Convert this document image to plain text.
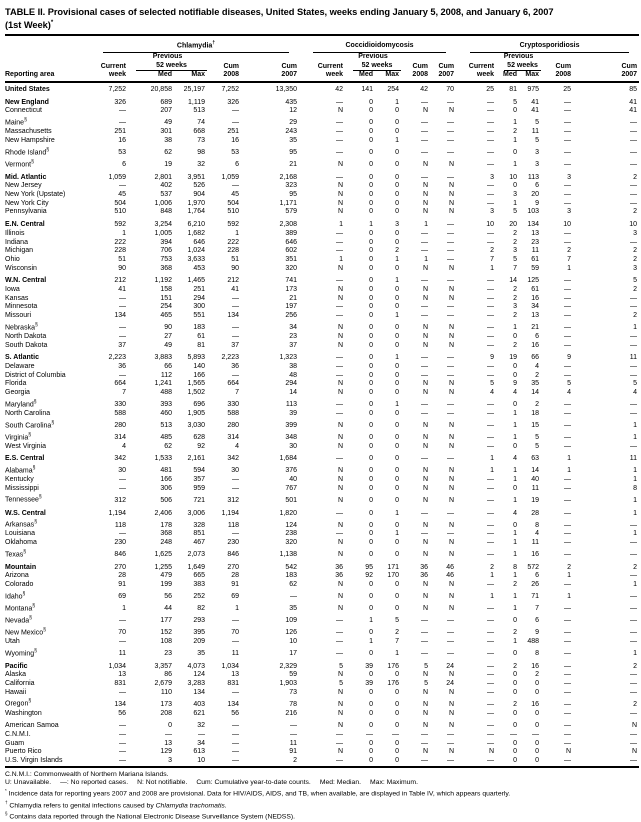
TABLE II. Provisional cases of selected notifiable diseases, United States, weeks ending January 5, 2008, and January 6, 2007
(1st Week)*

	Chlamydia†					Coccidioidomycosis					Cryptosporidiosis				

		Previous					Previous					Previous			
	Current	52 weeks		Cum	Cum	Current	52 weeks		Cum	Cum	Current	52 weeks		Cum	Cum
Reporting area	week	Med	Max	2008	2007	week	Med	Max	2008	2007	week	Med	Max	2008	2007
United States	7,252	20,858	25,197	7,252	13,350	42	141	254	42	70	25	81	975	25	85
New England	326	689	1,119	326	435	—	0	1	—	—	—	5	41	—	41
Connecticut	—	207	513	—	12	N	0	0	N	N	—	0	41	—	41
Maine§	—	49	74	—	29	—	0	0	—	—	—	1	5	—	—
Massachusetts	251	301	668	251	243	—	0	0	—	—	—	2	11	—	—
New Hampshire	16	38	73	16	35	—	0	1	—	—	—	1	5	—	—
Rhode Island§	53	62	98	53	95	—	0	0	—	—	—	0	3	—	—
Vermont§	6	19	32	6	21	N	0	0	N	N	—	1	3	—	—
Mid. Atlantic	1,059	2,801	3,951	1,059	2,168	—	0	0	—	—	3	10	113	3	2
New Jersey	—	402	526	—	323	N	0	0	N	N	—	0	6	—	—
New York (Upstate)	45	537	904	45	95	N	0	0	N	N	—	3	20	—	—
New York City	504	1,006	1,970	504	1,171	N	0	0	N	N	—	1	9	—	—
Pennsylvania	510	848	1,764	510	579	N	0	0	N	N	3	5	103	3	2
E.N. Central	592	3,254	6,210	592	2,308	1	1	3	1	—	10	20	134	10	10
Illinois	1	1,005	1,682	1	389	—	0	0	—	—	—	2	13	—	3
Indiana	222	394	646	222	646	—	0	0	—	—	—	2	23	—	—
Michigan	228	706	1,024	228	602	—	0	2	—	—	2	3	11	2	2
Ohio	51	753	3,633	51	351	1	0	1	1	—	7	5	61	7	2
Wisconsin	90	368	453	90	320	N	0	0	N	N	1	7	59	1	3
W.N. Central	212	1,192	1,465	212	741	—	0	1	—	—	—	14	125	—	5
Iowa	41	158	251	41	173	N	0	0	N	N	—	2	61	—	2
Kansas	—	151	294	—	21	N	0	0	N	N	—	2	16	—	—
Minnesota	—	254	300	—	197	—	0	0	—	—	—	3	34	—	—
Missouri	134	465	551	134	256	—	0	1	—	—	—	2	13	—	2
Nebraska§	—	90	183	—	34	N	0	0	N	N	—	1	21	—	1
North Dakota	—	27	61	—	23	N	0	0	N	N	—	0	6	—	—
South Dakota	37	49	81	37	37	N	0	0	N	N	—	2	16	—	—
S. Atlantic	2,223	3,883	5,893	2,223	1,323	—	0	1	—	—	9	19	66	9	11
Delaware	36	66	140	36	38	—	0	0	—	—	—	0	4	—	—
District of Columbia	—	112	166	—	48	—	0	0	—	—	—	0	2	—	—
Florida	664	1,241	1,565	664	294	N	0	0	N	N	5	9	35	5	5
Georgia	7	488	1,502	7	14	N	0	0	N	N	4	4	14	4	4
Maryland§	330	393	696	330	113	—	0	1	—	—	—	0	2	—	—
North Carolina	588	460	1,905	588	39	—	0	0	—	—	—	1	18	—	—
South Carolina§	280	513	3,030	280	399	N	0	0	N	N	—	1	15	—	1
Virginia§	314	485	628	314	348	N	0	0	N	N	—	1	5	—	1
West Virginia	4	62	92	4	30	N	0	0	N	N	—	0	5	—	—
E.S. Central	342	1,533	2,161	342	1,684	—	0	0	—	—	1	4	63	1	11
Alabama§	30	481	594	30	376	N	0	0	N	N	1	1	14	1	1
Kentucky	—	166	357	—	40	N	0	0	N	N	—	1	40	—	1
Mississippi	—	306	959	—	767	N	0	0	N	N	—	0	11	—	8
Tennessee§	312	506	721	312	501	N	0	0	N	N	—	1	19	—	1
W.S. Central	1,194	2,406	3,006	1,194	1,820	—	0	1	—	—	—	4	28	—	1
Arkansas§	118	178	328	118	124	N	0	0	N	N	—	0	8	—	—
Louisiana	—	368	851	—	238	—	0	1	—	—	—	1	4	—	1
Oklahoma	230	248	467	230	320	N	0	0	N	N	—	1	11	—	—
Texas§	846	1,625	2,073	846	1,138	N	0	0	N	N	—	1	16	—	—
Mountain	270	1,255	1,649	270	542	36	95	171	36	46	2	8	572	2	2
Arizona	28	479	665	28	183	36	92	170	36	46	1	1	6	1	—
Colorado	91	199	383	91	62	N	0	0	N	N	—	2	26	—	1
Idaho§	69	56	252	69	—	N	0	0	N	N	1	1	71	1	—
Montana§	1	44	82	1	35	N	0	0	N	N	—	1	7	—	—
Nevada§	—	177	293	—	109	—	1	5	—	—	—	0	6	—	—
New Mexico§	70	152	395	70	126	—	0	2	—	—	—	2	9	—	—
Utah	—	108	209	—	10	—	1	7	—	—	—	1	488	—	—
Wyoming§	11	23	35	11	17	—	0	1	—	—	—	0	8	—	1
Pacific	1,034	3,357	4,073	1,034	2,329	5	39	176	5	24	—	2	16	—	2
Alaska	13	86	124	13	59	N	0	0	N	N	—	0	2	—	—
California	831	2,679	3,283	831	1,903	5	39	176	5	24	—	0	0	—	—
Hawaii	—	110	134	—	73	N	0	0	N	N	—	0	0	—	—
Oregon§	134	173	403	134	78	N	0	0	N	N	—	2	16	—	2
Washington	56	208	621	56	216	N	0	0	N	N	—	0	0	—	—
American Samoa	—	0	32	—	—	N	0	0	N	N	—	0	0	—	N
C.N.M.I.	—	—	—	—	—	—	—	—	—	—	—	—	—	—	—
Guam	—	13	34	—	11	—	0	0	—	—	—	0	0	—	—
Puerto Rico	—	129	613	—	91	N	0	0	N	N	N	0	0	N	N
U.S. Virgin Islands	—	3	10	—	2	—	0	0	—	—	—	0	0	—	—
C.N.M.I.: Commonwealth of Northern Mariana Islands.
U: Unavailable. —: No reported cases. N: Not notifiable. Cum: Cumulative year-to-date counts. Med: Median. Max: Maximum.
* Incidence data for reporting years 2007 and 2008 are provisional. Data for HIV/AIDS, AIDS, and TB, when available, are displayed in Table IV, which appears quarterly.
† Chlamydia refers to genital infections caused by Chlamydia trachomatis.
§ Contains data reported through the National Electronic Disease Surveillance System (NEDSS).
